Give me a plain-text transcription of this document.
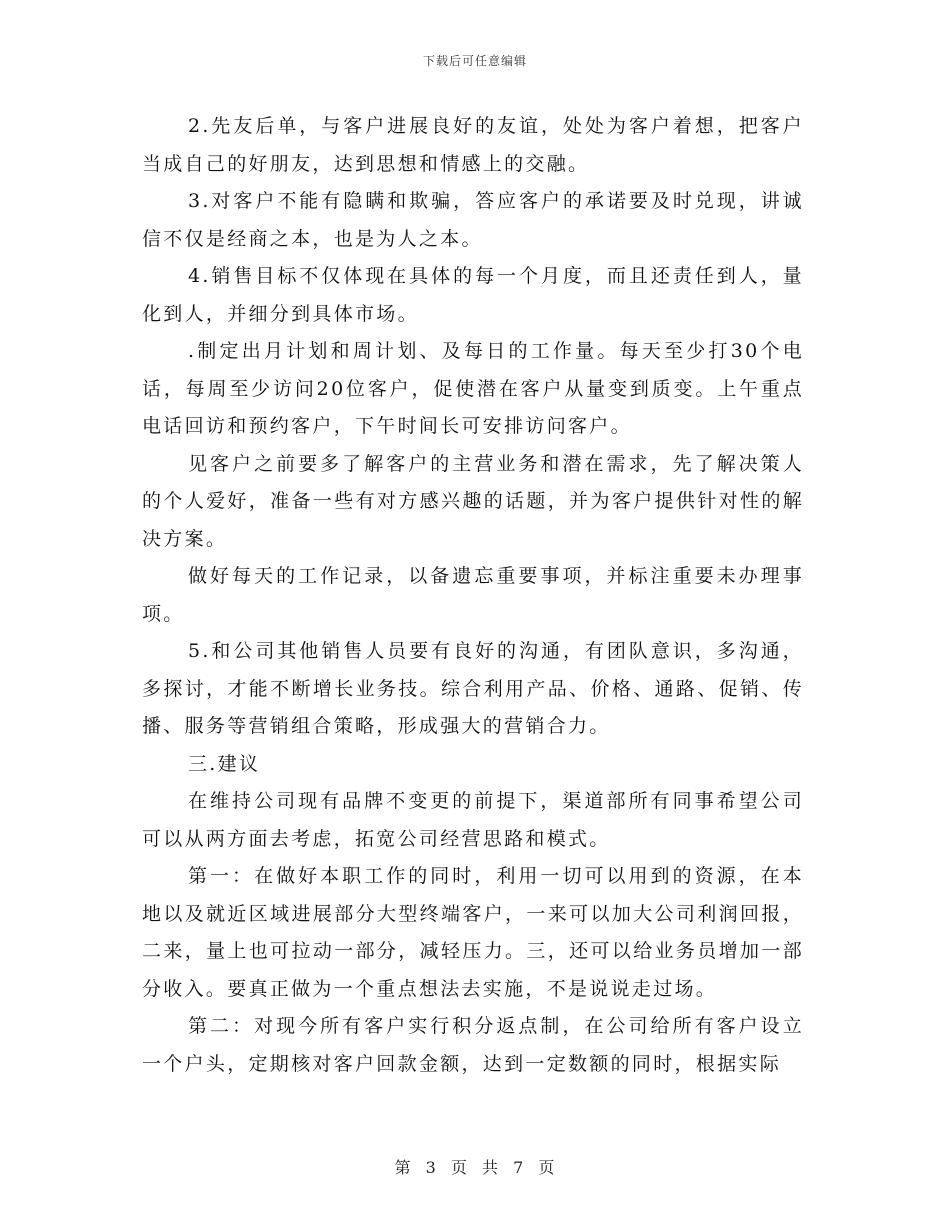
下载后可任意编辑

2.先友后单，与客户进展良好的友谊，处处为客户着想，把客户当成自己的好朋友，达到思想和情感上的交融。

3.对客户不能有隐瞒和欺骗，答应客户的承诺要及时兑现，讲诚信不仅是经商之本，也是为人之本。

4.销售目标不仅体现在具体的每一个月度，而且还责任到人，量化到人，并细分到具体市场。

.制定出月计划和周计划、及每日的工作量。每天至少打30个电话，每周至少访问20位客户，促使潜在客户从量变到质变。上午重点电话回访和预约客户，下午时间长可安排访问客户。

见客户之前要多了解客户的主营业务和潜在需求，先了解决策人的个人爱好，准备一些有对方感兴趣的话题，并为客户提供针对性的解决方案。

做好每天的工作记录，以备遗忘重要事项，并标注重要未办理事项。

5.和公司其他销售人员要有良好的沟通，有团队意识，多沟通，多探讨，才能不断增长业务技。综合利用产品、价格、通路、促销、传播、服务等营销组合策略，形成强大的营销合力。

三.建议

在维持公司现有品牌不变更的前提下，渠道部所有同事希望公司可以从两方面去考虑，拓宽公司经营思路和模式。

第一：在做好本职工作的同时，利用一切可以用到的资源，在本地以及就近区域进展部分大型终端客户，一来可以加大公司利润回报，二来，量上也可拉动一部分，减轻压力。三，还可以给业务员增加一部分收入。要真正做为一个重点想法去实施，不是说说走过场。

第二：对现今所有客户实行积分返点制，在公司给所有客户设立一个户头，定期核对客户回款金额，达到一定数额的同时，根据实际

第 3 页 共 7 页
